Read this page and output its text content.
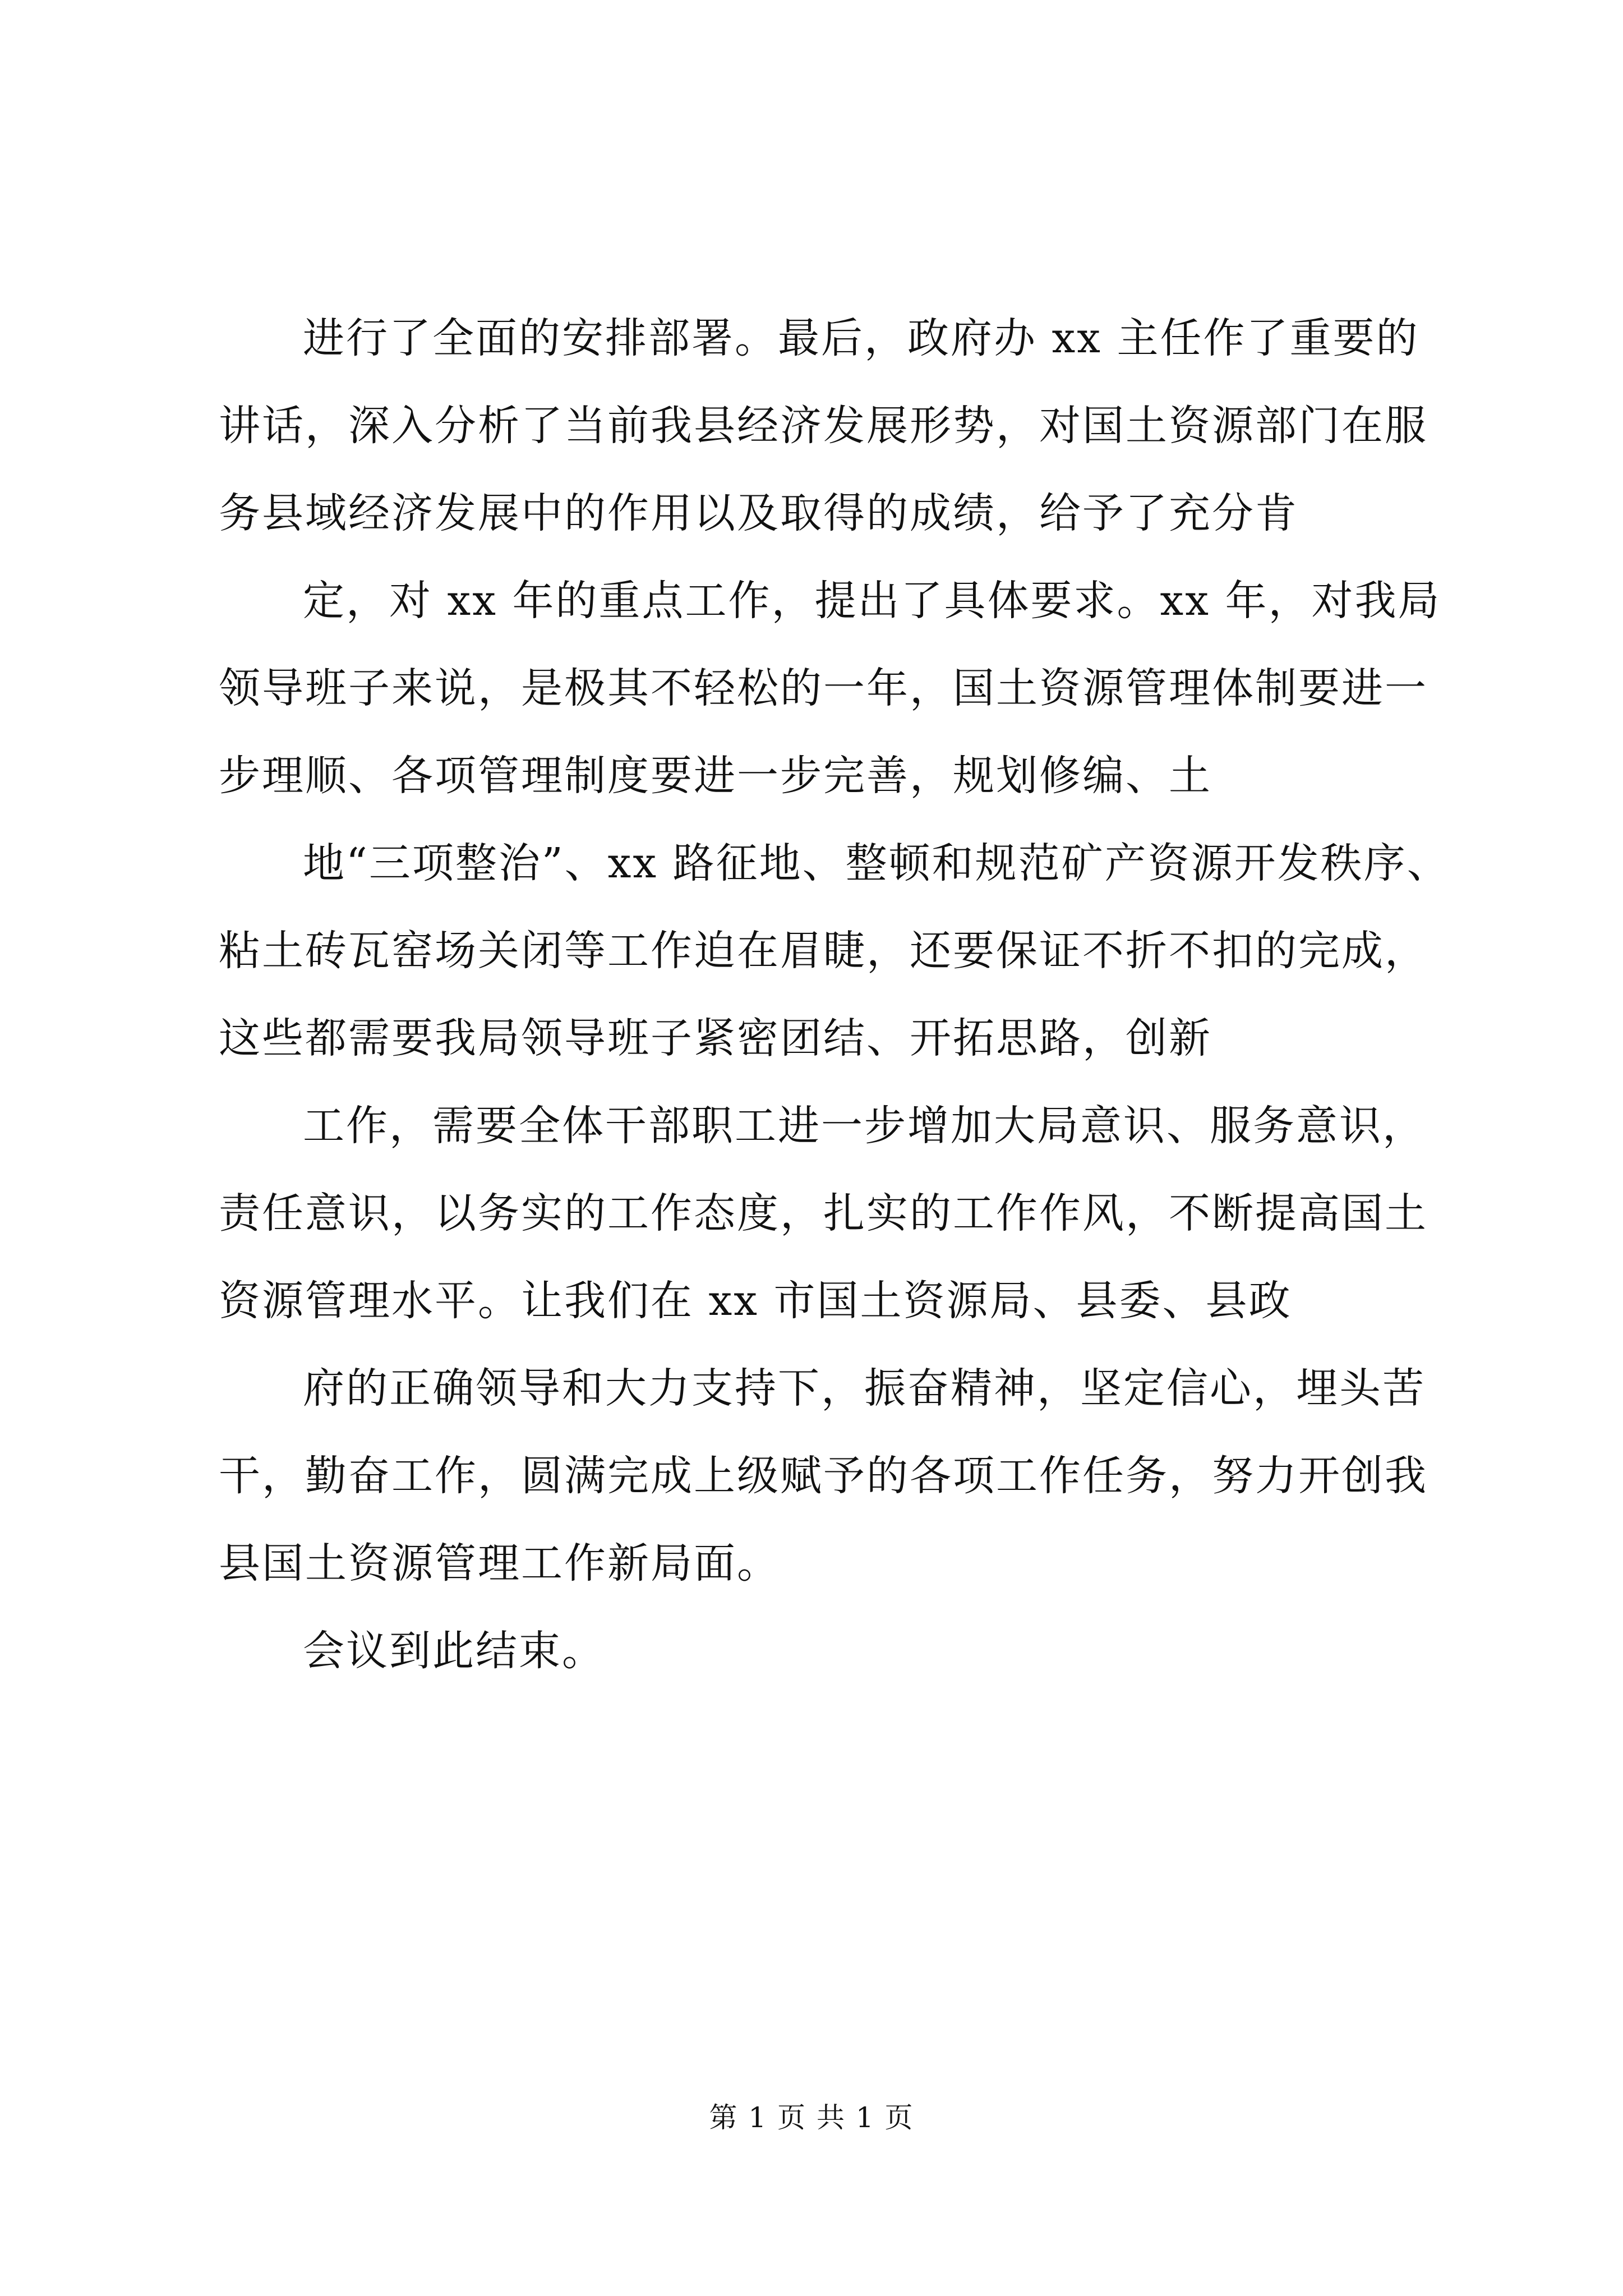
进行了全面的安排部署。最后，政府办 xx 主任作了重要的
讲话，深入分析了当前我县经济发展形势，对国土资源部门在服
务县域经济发展中的作用以及取得的成绩，给予了充分肯
定，对 xx 年的重点工作，提出了具体要求。xx 年，对我局
领导班子来说，是极其不轻松的一年，国土资源管理体制要进一
步理顺、各项管理制度要进一步完善，规划修编、土
地“三项整治”、xx 路征地、整顿和规范矿产资源开发秩序、
粘土砖瓦窑场关闭等工作迫在眉睫，还要保证不折不扣的完成，
这些都需要我局领导班子紧密团结、开拓思路，创新
工作，需要全体干部职工进一步增加大局意识、服务意识，
责任意识，以务实的工作态度，扎实的工作作风，不断提高国土
资源管理水平。让我们在 xx 市国土资源局、县委、县政
府的正确领导和大力支持下，振奋精神，坚定信心，埋头苦
干，勤奋工作，圆满完成上级赋予的各项工作任务，努力开创我
县国土资源管理工作新局面。
会议到此结束。
第 1 页 共 1 页
